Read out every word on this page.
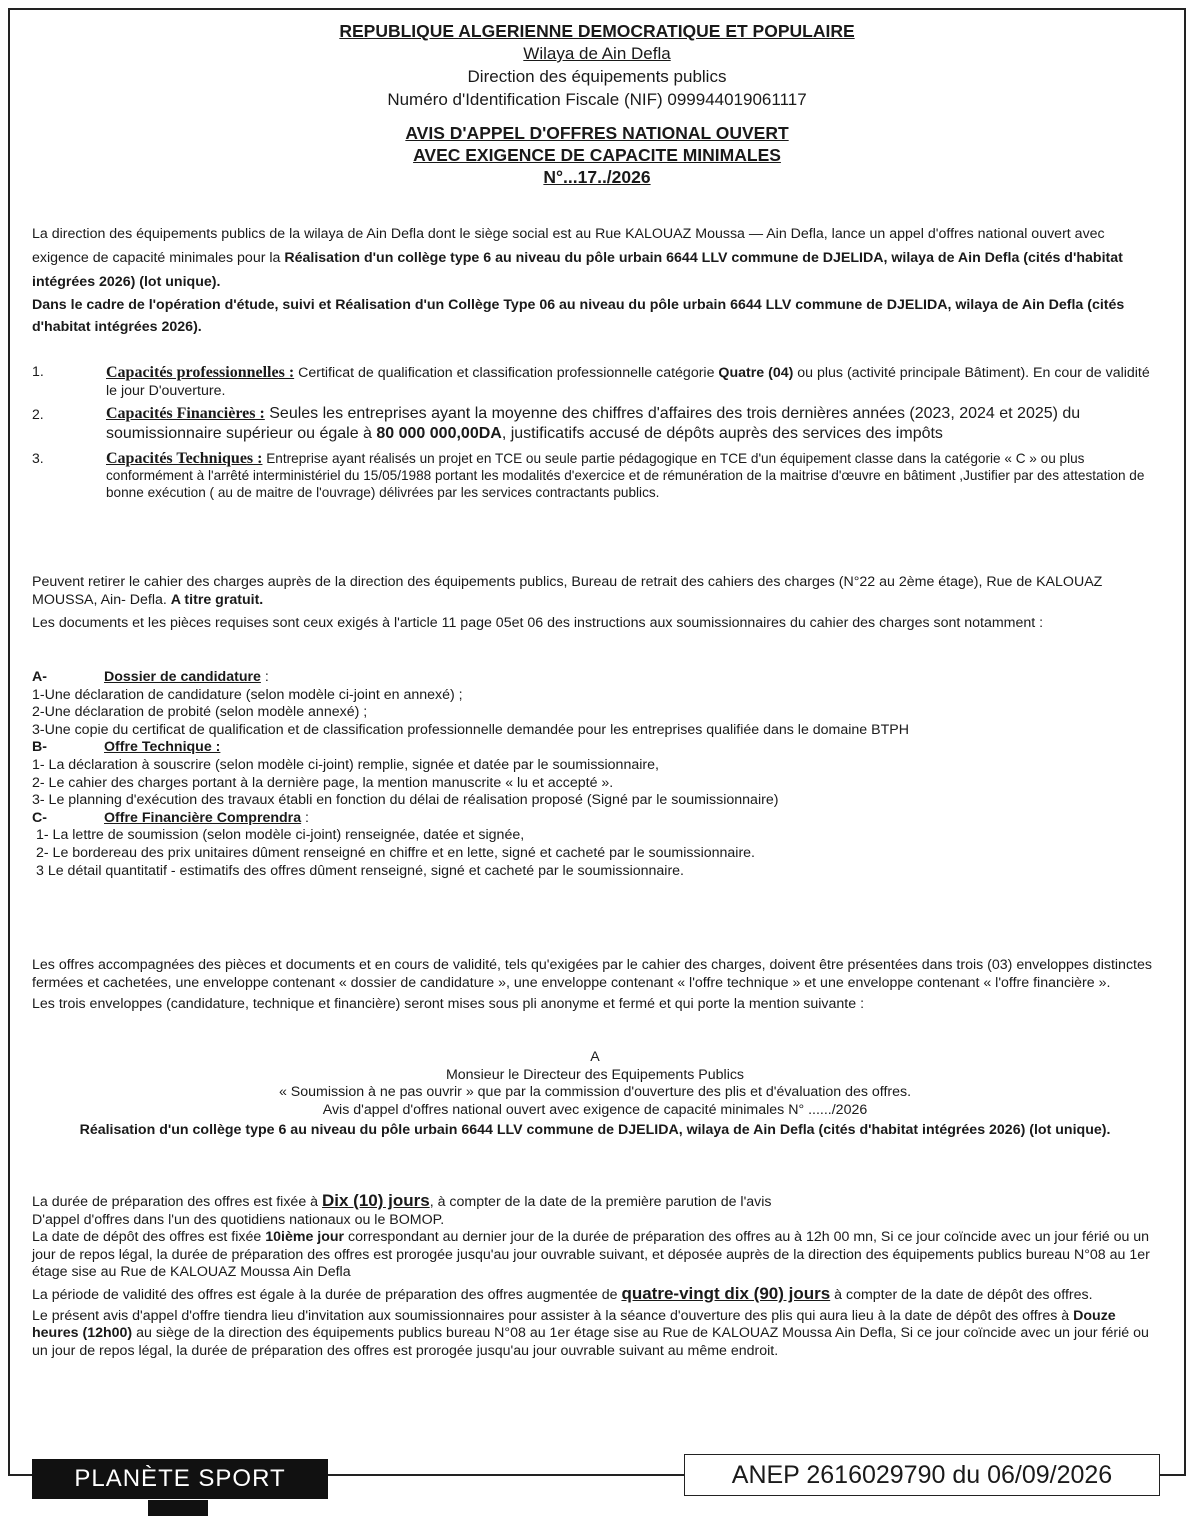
REPUBLIQUE ALGERIENNE DEMOCRATIQUE ET POPULAIRE
Wilaya de Ain Defla
Direction des équipements publics
Numéro d'Identification Fiscale (NIF) 099944019061117
AVIS D'APPEL D'OFFRES NATIONAL OUVERT
AVEC EXIGENCE DE CAPACITE MINIMALES
N°...17../2026

La direction des équipements publics de la wilaya de Ain Defla dont le siège social est au Rue KALOUAZ Moussa — Ain Defla, lance un appel d'offres national ouvert avec exigence de capacité minimales pour la Réalisation d'un collège type 6 au niveau du pôle urbain 6644 LLV commune de DJELIDA, wilaya de Ain Defla (cités d'habitat intégrées 2026) (lot unique).

Dans le cadre de l'opération d'étude, suivi et Réalisation d'un Collège Type 06 au niveau du pôle urbain 6644 LLV commune de DJELIDA, wilaya de Ain Defla (cités d'habitat intégrées 2026).

1.	Capacités professionnelles : Certificat de qualification et classification professionnelle catégorie Quatre (04) ou plus (activité principale Bâtiment). En cour de validité le jour D'ouverture.
2.	Capacités Financières : Seules les entreprises ayant la moyenne des chiffres d'affaires des trois dernières années (2023, 2024 et 2025) du soumissionnaire supérieur ou égale à 80 000 000,00DA, justificatifs accusé de dépôts auprès des services des impôts
3.	Capacités Techniques : Entreprise ayant réalisés un projet en TCE ou seule partie pédagogique en TCE d'un équipement classe dans la catégorie « C » ou plus conformément à l'arrêté interministériel du 15/05/1988 portant les modalités d'exercice et de rémunération de la maitrise d'œuvre en bâtiment ,Justifier par des attestation de bonne exécution ( au de maitre de l'ouvrage) délivrées par les services contractants publics.

Peuvent retirer le cahier des charges auprès de la direction des équipements publics, Bureau de retrait des cahiers des charges (N°22 au 2ème étage), Rue de KALOUAZ MOUSSA, Ain- Defla. A titre gratuit.

Les documents et les pièces requises sont ceux exigés à l'article 11 page 05et 06 des instructions aux soumissionnaires du cahier des charges sont notamment :

A-	Dossier de candidature :
1-Une déclaration de candidature (selon modèle ci-joint en annexé) ;
2-Une déclaration de probité (selon modèle annexé) ;
3-Une copie du certificat de qualification et de classification professionnelle demandée pour les entreprises qualifiée dans le domaine BTPH
B-	Offre Technique :
1- La déclaration à souscrire (selon modèle ci-joint) remplie, signée et datée par le soumissionnaire,
2- Le cahier des charges portant à la dernière page, la mention manuscrite « lu et accepté ».
3- Le planning d'exécution des travaux établi en fonction du délai de réalisation proposé (Signé par le soumissionnaire)
C-	Offre Financière Comprendra :
1- La lettre de soumission (selon modèle ci-joint) renseignée, datée et signée,
2- Le bordereau des prix unitaires dûment renseigné en chiffre et en lette, signé et cacheté par le soumissionnaire.
3 Le détail quantitatif - estimatifs des offres dûment renseigné, signé et cacheté par le soumissionnaire.

Les offres accompagnées des pièces et documents et en cours de validité, tels qu'exigées par le cahier des charges, doivent être présentées dans trois (03) enveloppes distinctes fermées et cachetées, une enveloppe contenant « dossier de candidature », une enveloppe contenant « l'offre technique » et une enveloppe contenant « l'offre financière ».

Les trois enveloppes (candidature, technique et financière) seront mises sous pli anonyme et fermé et qui porte la mention suivante :

A
Monsieur le Directeur des Equipements Publics
« Soumission à ne pas ouvrir » que par la commission d'ouverture des plis et d'évaluation des offres.
Avis d'appel d'offres national ouvert avec exigence de capacité minimales N° ....../2026
Réalisation d'un collège type 6 au niveau du pôle urbain 6644 LLV commune de DJELIDA, wilaya de Ain Defla (cités d'habitat intégrées 2026) (lot unique).

La durée de préparation des offres est fixée à Dix (10) jours, à compter de la date de la première parution de l'avis

D'appel d'offres dans l'un des quotidiens nationaux ou le BOMOP.

La date de dépôt des offres est fixée 10ième jour correspondant au dernier jour de la durée de préparation des offres au à 12h 00 mn, Si ce jour coïncide avec un jour férié ou un jour de repos légal, la durée de préparation des offres est prorogée jusqu'au jour ouvrable suivant, et déposée auprès de la direction des équipements publics bureau N°08 au 1er étage sise au Rue de KALOUAZ Moussa Ain Defla

La période de validité des offres est égale à la durée de préparation des offres augmentée de quatre-vingt dix (90) jours à compter de la date de dépôt des offres.

Le présent avis d'appel d'offre tiendra lieu d'invitation aux soumissionnaires pour assister à la séance d'ouverture des plis qui aura lieu à la date de dépôt des offres à Douze heures (12h00) au siège de la direction des équipements publics bureau N°08 au 1er étage sise au Rue de KALOUAZ Moussa Ain Defla, Si ce jour coïncide avec un jour férié ou un jour de repos légal, la durée de préparation des offres est prorogée jusqu'au jour ouvrable suivant au même endroit.

PLANÈTE SPORT	ANEP 2616029790 du 06/09/2026
